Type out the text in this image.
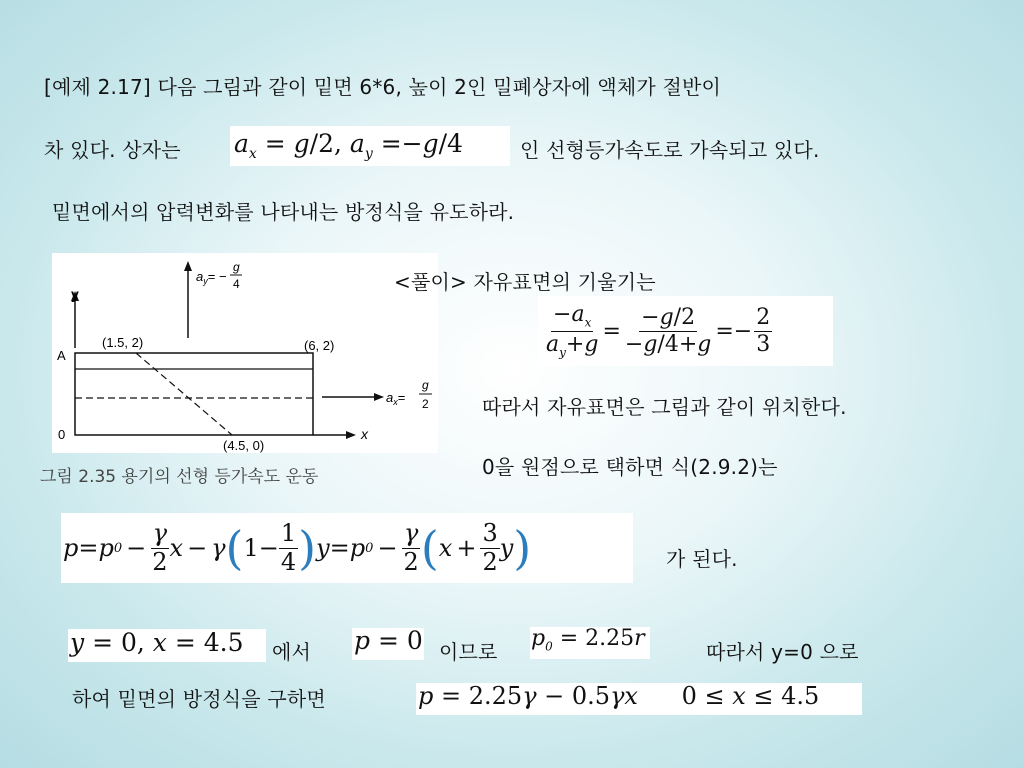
[예제 2.17] 다음 그림과 같이 밑면 6*6, 높이 2인 밀폐상자에 액체가 절반이
차 있다. 상자는 $a_x = g/2$, $a_y =-g/4$	인 선형등가속도로 가속되고 있다.
밑면에서의 압력변화를 나타내는 방정식을 유도하라.
y
$a_y=$ −
g
4
(1.5, 2)	(6, 2)
(4.5, 0)
A
0
$a_x=$
g
2
x
그림 2.35 용기의 선형 등가속도 운동
<풀이> 자유표면의 기울기는
$\frac{-a_x}{a_y+g} = \frac{-g/2}{-g/4+g} =- \frac{2}{3}$
따라서 자유표면은 그림과 같이 위치한다.
0을 원점으로 택하면 식(2.9.2)는
p = p $0 - \frac{\gamma}{2}$ x − γ ( $1- \frac{1}{4}$ ) y = p $0 - \frac{\gamma}{2}$ ( $x + \frac{3}{2}$ y )	가 된다.
y = 0, x = 4.5 에서 p = 0 이므로
$p_0 = 2.25r$
따라서 y=0 으로
하여 밑면의 방정식을 구하면	p = 2.25γ − 0.5γx 0 ≤ x ≤ 4.5
